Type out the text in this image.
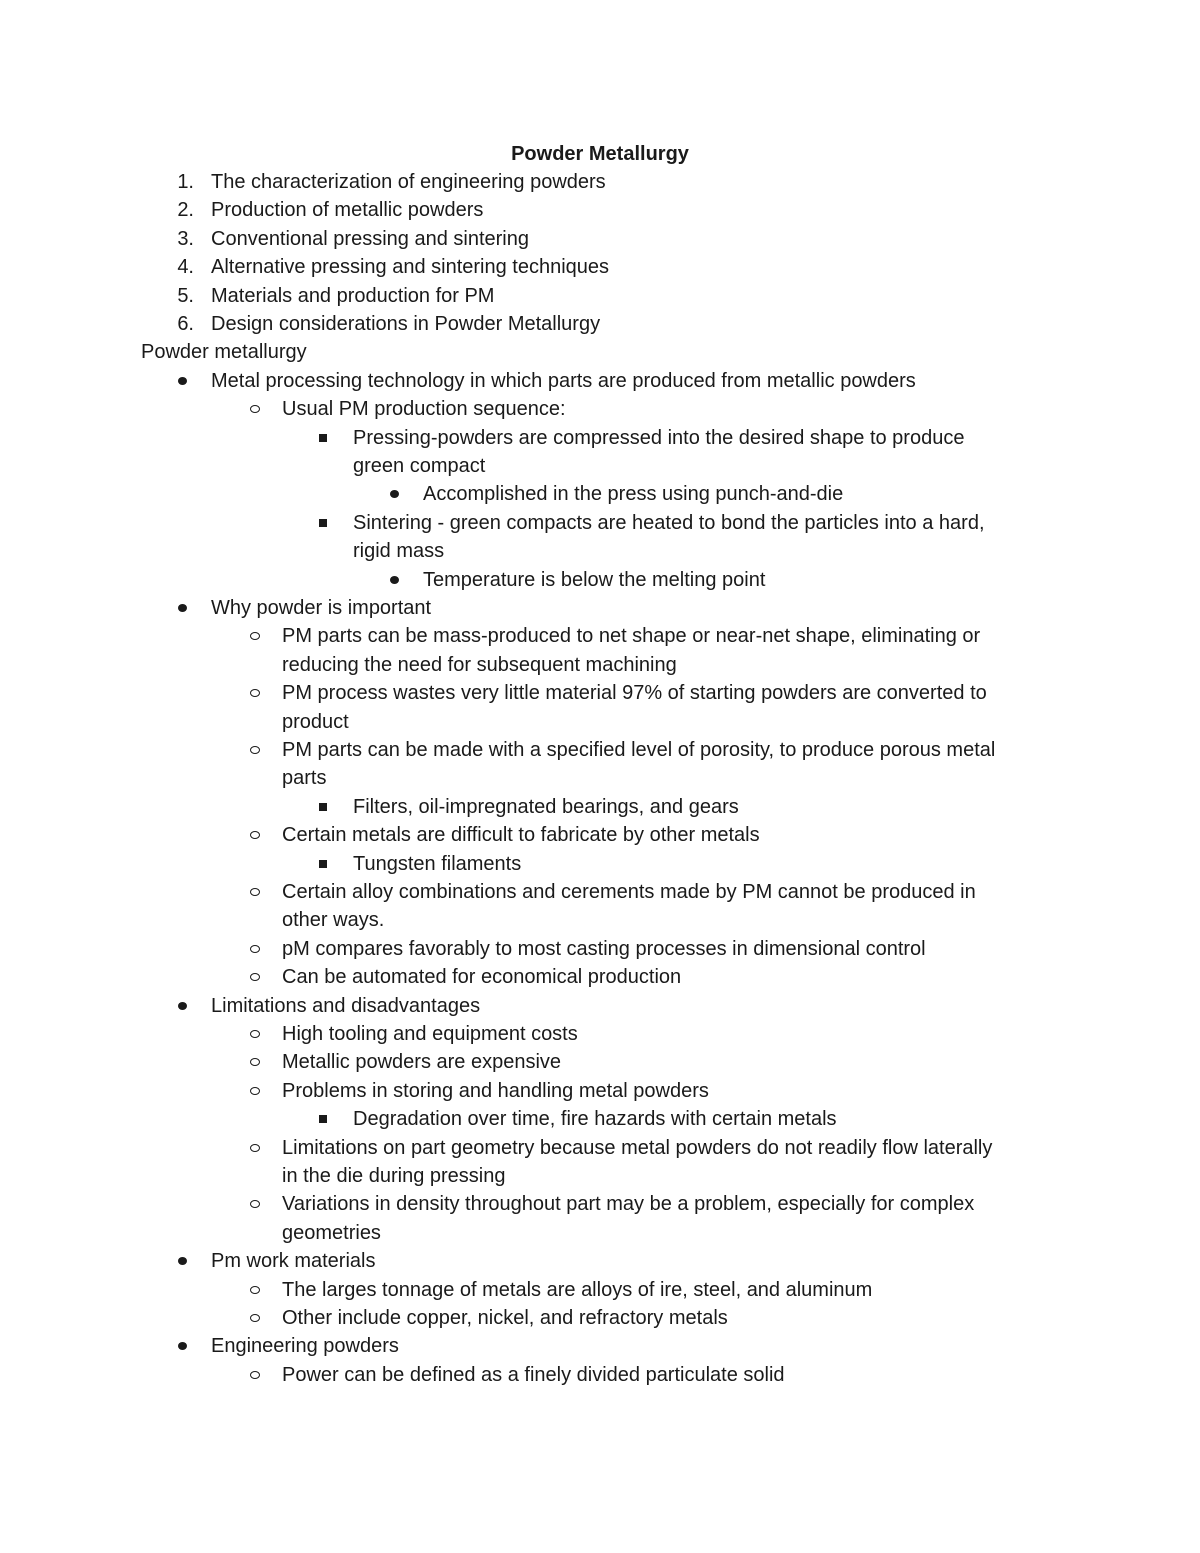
Powder Metallurgy
1. The characterization of engineering powders
2. Production of metallic powders
3. Conventional pressing and sintering
4. Alternative pressing and sintering techniques
5. Materials and production for PM
6. Design considerations in Powder Metallurgy
Powder metallurgy
Metal processing technology in which parts are produced from metallic powders
Usual PM production sequence:
Pressing-powders are compressed into the desired shape to produce
green compact
Accomplished in the press using punch-and-die
Sintering - green compacts are heated to bond the particles into a hard,
rigid mass
Temperature is below the melting point
Why powder is important
PM parts can be mass-produced to net shape or near-net shape, eliminating or
reducing the need for subsequent machining
PM process wastes very little material 97% of starting powders are converted to
product
PM parts can be made with a specified level of porosity, to produce porous metal
parts
Filters, oil-impregnated bearings, and gears
Certain metals are difficult to fabricate by other metals
Tungsten filaments
Certain alloy combinations and cerements made by PM cannot be produced in
other ways.
pM compares favorably to most casting processes in dimensional control
Can be automated for economical production
Limitations and disadvantages
High tooling and equipment costs
Metallic powders are expensive
Problems in storing and handling metal powders
Degradation over time, fire hazards with certain metals
Limitations on part geometry because metal powders do not readily flow laterally
in the die during pressing
Variations in density throughout part may be a problem, especially for complex
geometries
Pm work materials
The larges tonnage of metals are alloys of ire, steel, and aluminum
Other include copper, nickel, and refractory metals
Engineering powders
Power can be defined as a finely divided particulate solid
